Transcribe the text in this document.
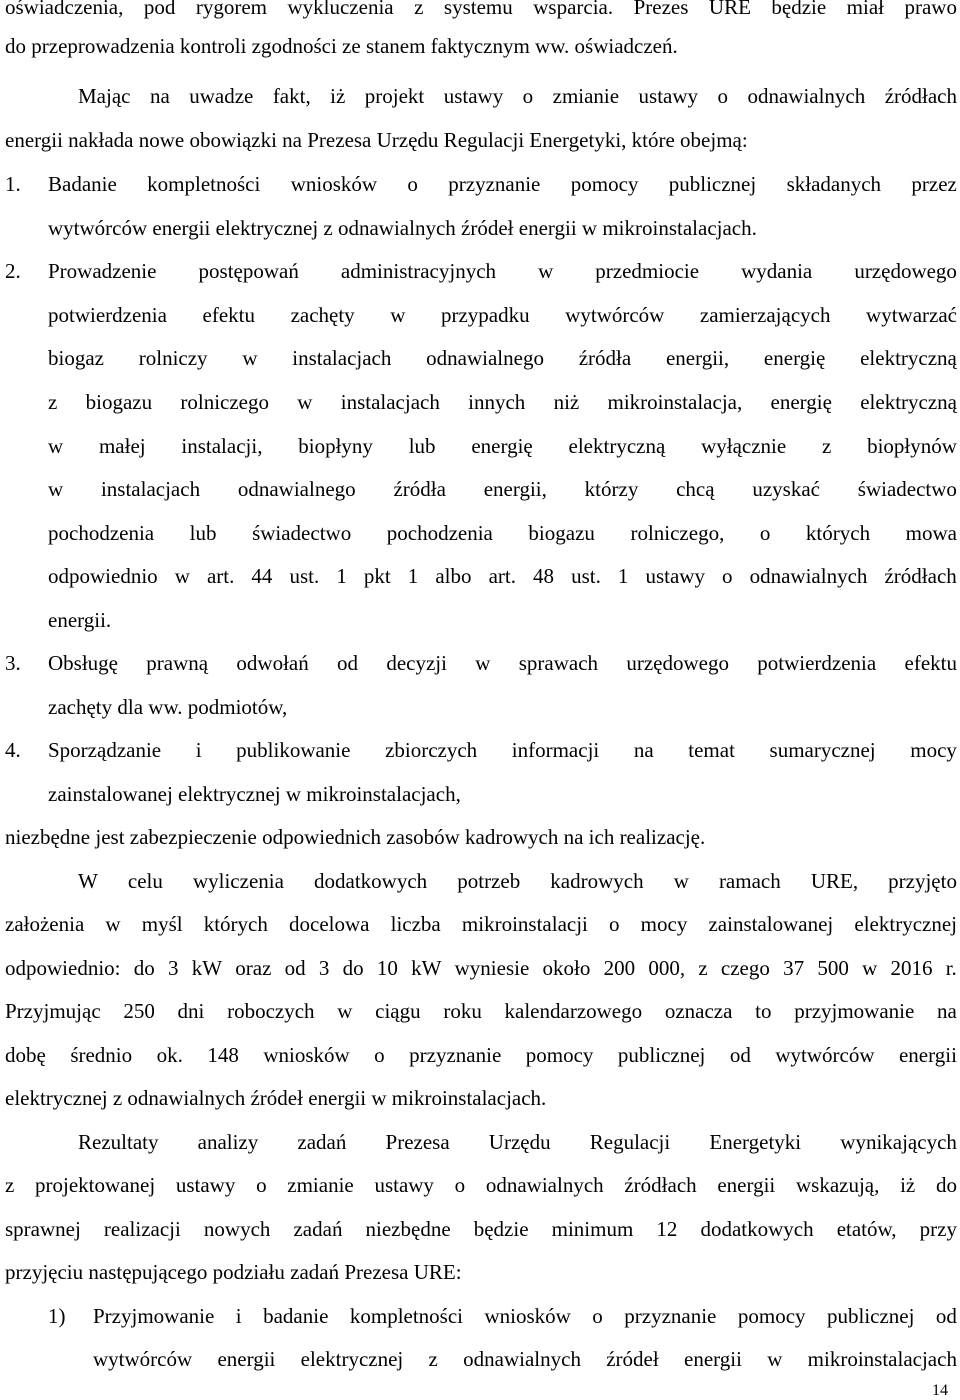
oświadczenia, pod rygorem wykluczenia z systemu wsparcia. Prezes URE będzie miał prawo
do przeprowadzenia kontroli zgodności ze stanem faktycznym ww. oświadczeń.
Mając na uwadze fakt, iż projekt ustawy o zmianie ustawy o odnawialnych źródłach
energii nakłada nowe obowiązki na Prezesa Urzędu Regulacji Energetyki, które obejmą:
1. Badanie kompletności wniosków o przyznanie pomocy publicznej składanych przez
wytwórców energii elektrycznej z odnawialnych źródeł energii w mikroinstalacjach.
2. Prowadzenie postępowań administracyjnych w przedmiocie wydania urzędowego
potwierdzenia efektu zachęty w przypadku wytwórców zamierzających wytwarzać
biogaz rolniczy w instalacjach odnawialnego źródła energii, energię elektryczną
z biogazu rolniczego w instalacjach innych niż mikroinstalacja, energię elektryczną
w małej instalacji, biopłyny lub energię elektryczną wyłącznie z biopłynów
w instalacjach odnawialnego źródła energii, którzy chcą uzyskać świadectwo
pochodzenia lub świadectwo pochodzenia biogazu rolniczego, o których mowa
odpowiednio w art. 44 ust. 1 pkt 1 albo art. 48 ust. 1 ustawy o odnawialnych źródłach
energii.
3. Obsługę prawną odwołań od decyzji w sprawach urzędowego potwierdzenia efektu
zachęty dla ww. podmiotów,
4. Sporządzanie i publikowanie zbiorczych informacji na temat sumarycznej mocy
zainstalowanej elektrycznej w mikroinstalacjach,
niezbędne jest zabezpieczenie odpowiednich zasobów kadrowych na ich realizację.
W celu wyliczenia dodatkowych potrzeb kadrowych w ramach URE, przyjęto
założenia w myśl których docelowa liczba mikroinstalacji o mocy zainstalowanej elektrycznej
odpowiednio: do 3 kW oraz od 3 do 10 kW wyniesie około 200 000, z czego 37 500 w 2016 r.
Przyjmując 250 dni roboczych w ciągu roku kalendarzowego oznacza to przyjmowanie na
dobę średnio ok. 148 wniosków o przyznanie pomocy publicznej od wytwórców energii
elektrycznej z odnawialnych źródeł energii w mikroinstalacjach.
Rezultaty analizy zadań Prezesa Urzędu Regulacji Energetyki wynikających
z projektowanej ustawy o zmianie ustawy o odnawialnych źródłach energii wskazują, iż do
sprawnej realizacji nowych zadań niezbędne będzie minimum 12 dodatkowych etatów, przy
przyjęciu następującego podziału zadań Prezesa URE:
1) Przyjmowanie i badanie kompletności wniosków o przyznanie pomocy publicznej od
wytwórców energii elektrycznej z odnawialnych źródeł energii w mikroinstalacjach
14
